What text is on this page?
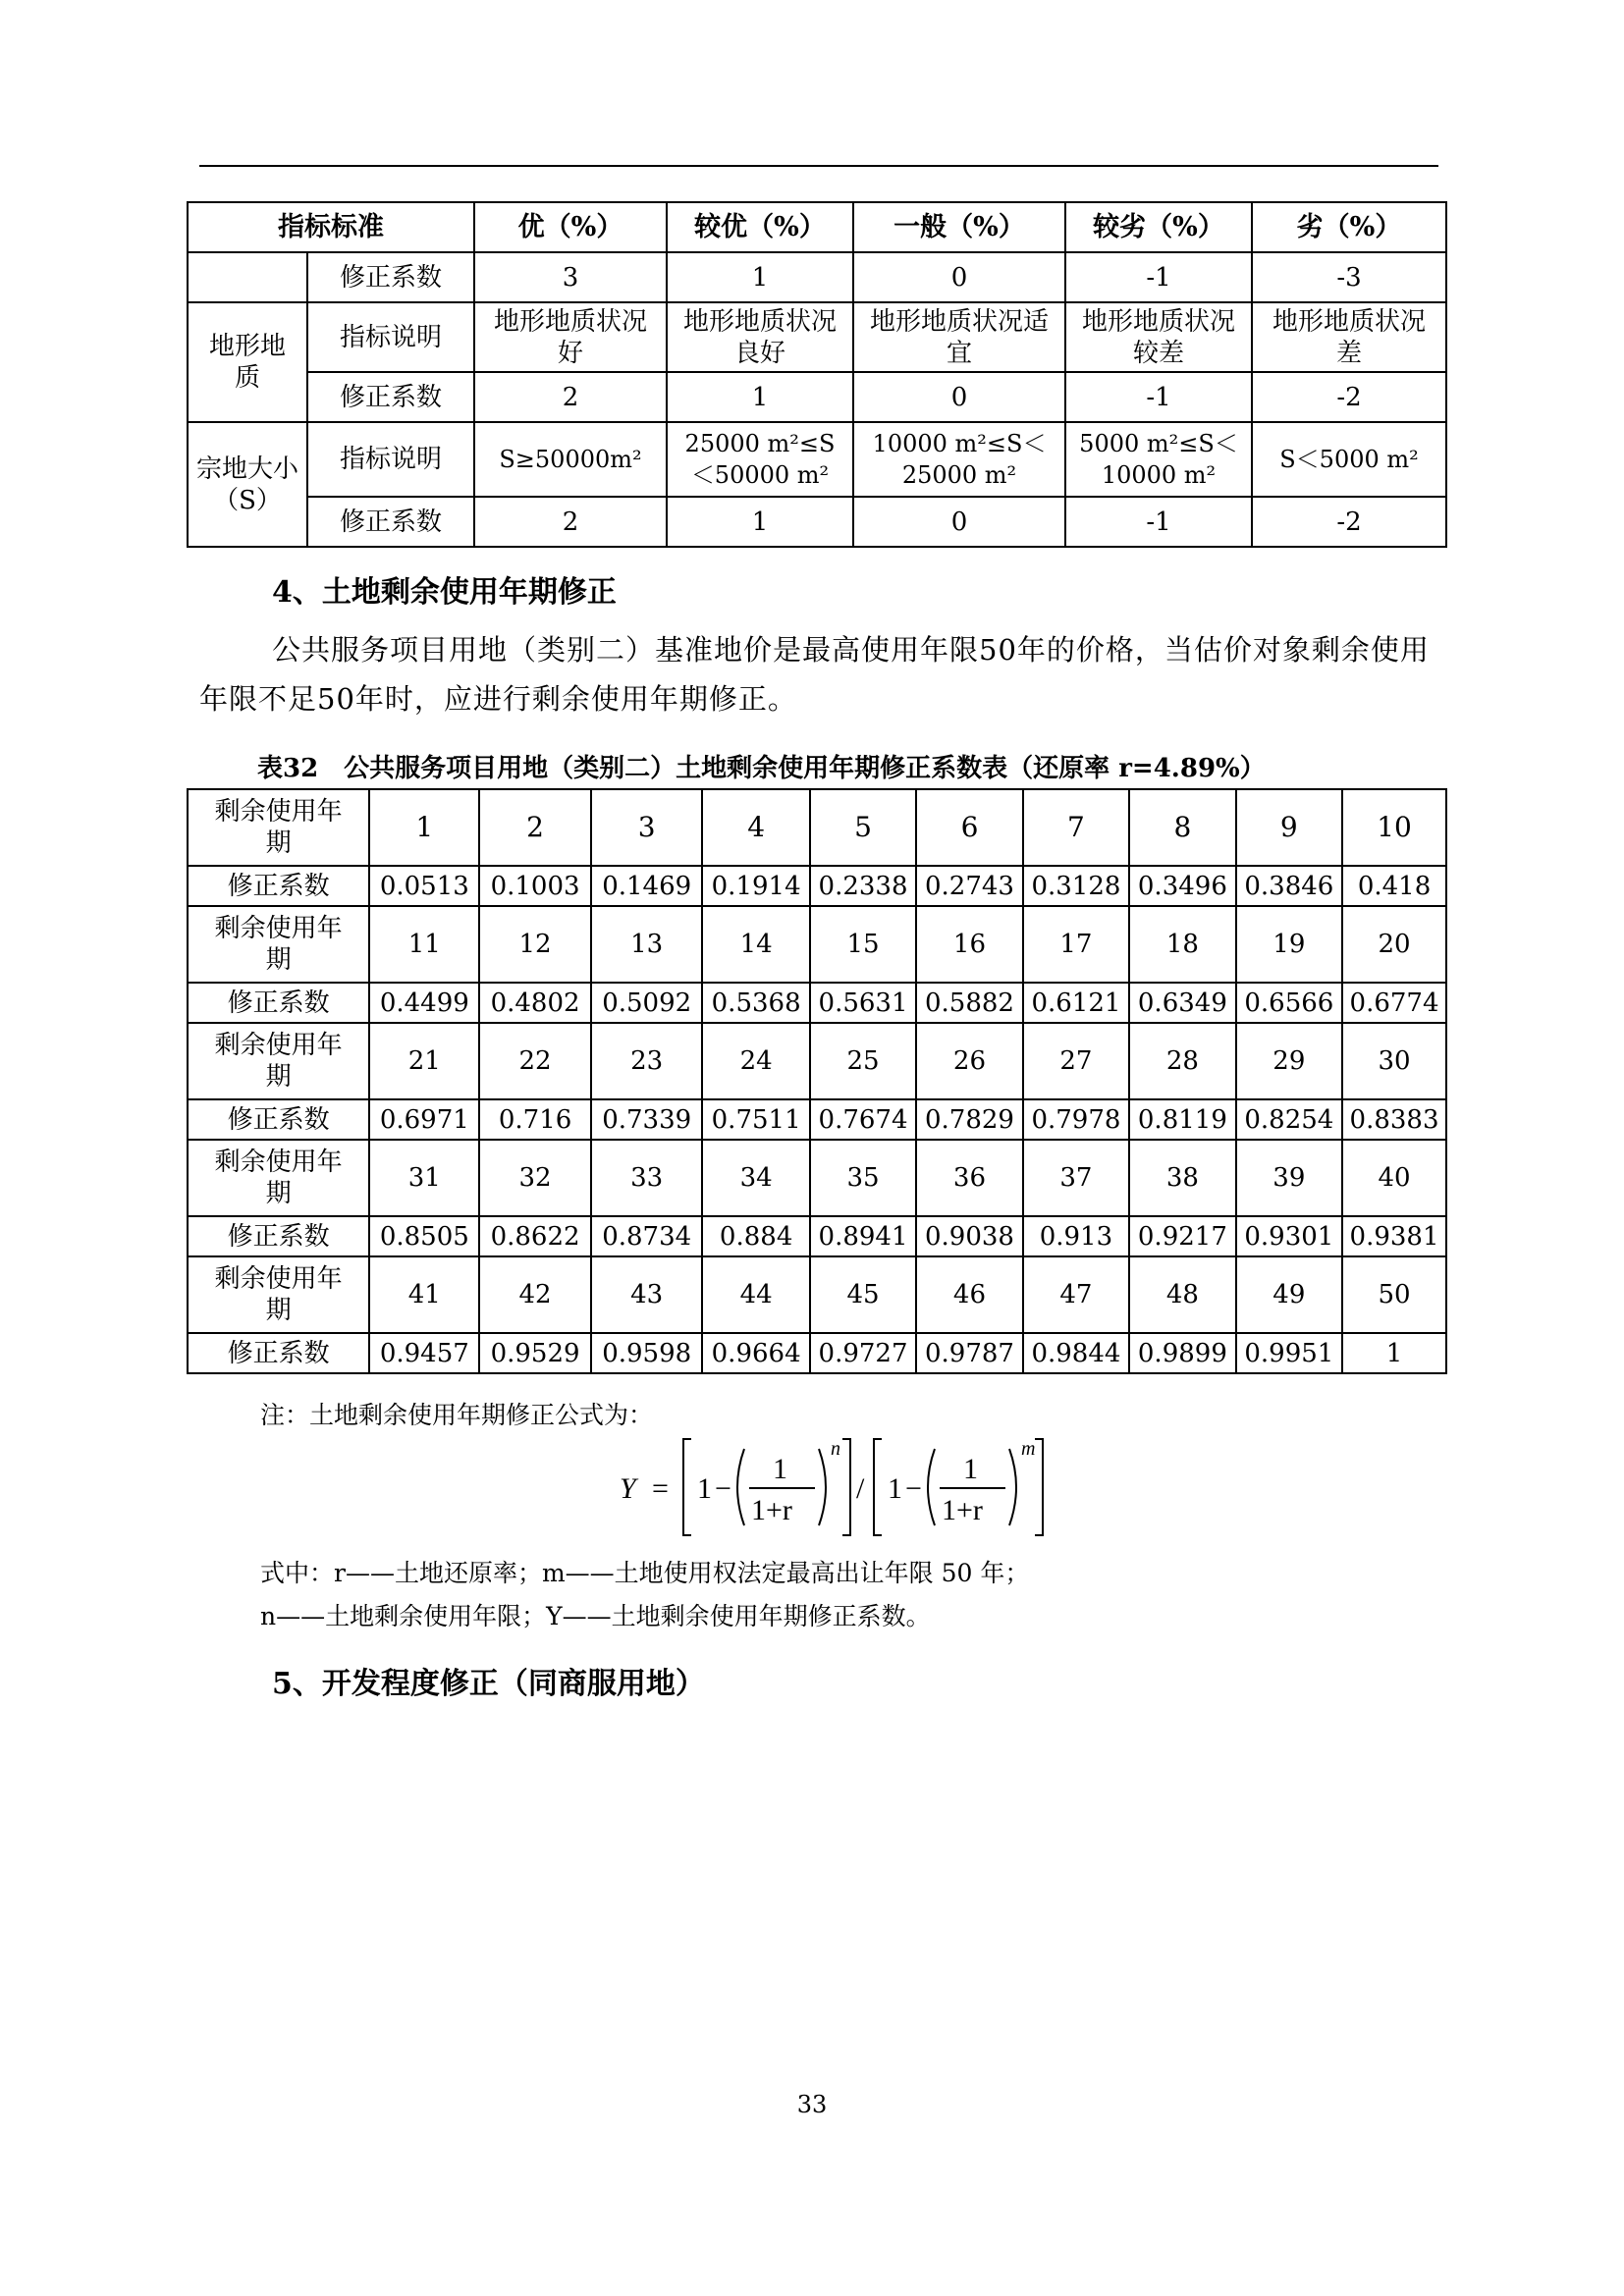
指标标准		优（%）	较优（%）	一般（%）	较劣（%）	劣（%）
	修正系数	3	1	0	-1	-3
地形地质	指标说明	地形地质状况好	地形地质状况良好	地形地质状况适宜	地形地质状况较差	地形地质状况差
	修正系数	2	1	0	-1	-2
宗地大小（S）	指标说明	S≥50000m²	25000 m²≤S＜50000 m²	10000 m²≤S＜25000 m²	5000 m²≤S＜10000 m²	S＜5000 m²
	修正系数	2	1	0	-1	-2
4、土地剩余使用年期修正
公共服务项目用地（类别二）基准地价是最高使用年限50年的价格，当估价对象剩余使用年限不足50年时，应进行剩余使用年期修正。
表32　公共服务项目用地（类别二）土地剩余使用年期修正系数表（还原率 r=4.89%）
剩余使用年期	1	2	3	4	5	6	7	8	9	10
修正系数	0.0513	0.1003	0.1469	0.1914	0.2338	0.2743	0.3128	0.3496	0.3846	0.418
剩余使用年期	11	12	13	14	15	16	17	18	19	20
修正系数	0.4499	0.4802	0.5092	0.5368	0.5631	0.5882	0.6121	0.6349	0.6566	0.6774
剩余使用年期	21	22	23	24	25	26	27	28	29	30
修正系数	0.6971	0.716	0.7339	0.7511	0.7674	0.7829	0.7978	0.8119	0.8254	0.8383
剩余使用年期	31	32	33	34	35	36	37	38	39	40
修正系数	0.8505	0.8622	0.8734	0.884	0.8941	0.9038	0.913	0.9217	0.9301	0.9381
剩余使用年期	41	42	43	44	45	46	47	48	49	50
修正系数	0.9457	0.9529	0.9598	0.9664	0.9727	0.9787	0.9844	0.9899	0.9951	1
注：土地剩余使用年期修正公式为：
Y = 1 −
1
1+r
n
/ 1 −
1
1+r
m
式中：r——土地还原率；m——土地使用权法定最高出让年限 50 年；
n——土地剩余使用年限；Y——土地剩余使用年期修正系数。
5、开发程度修正（同商服用地）
33
